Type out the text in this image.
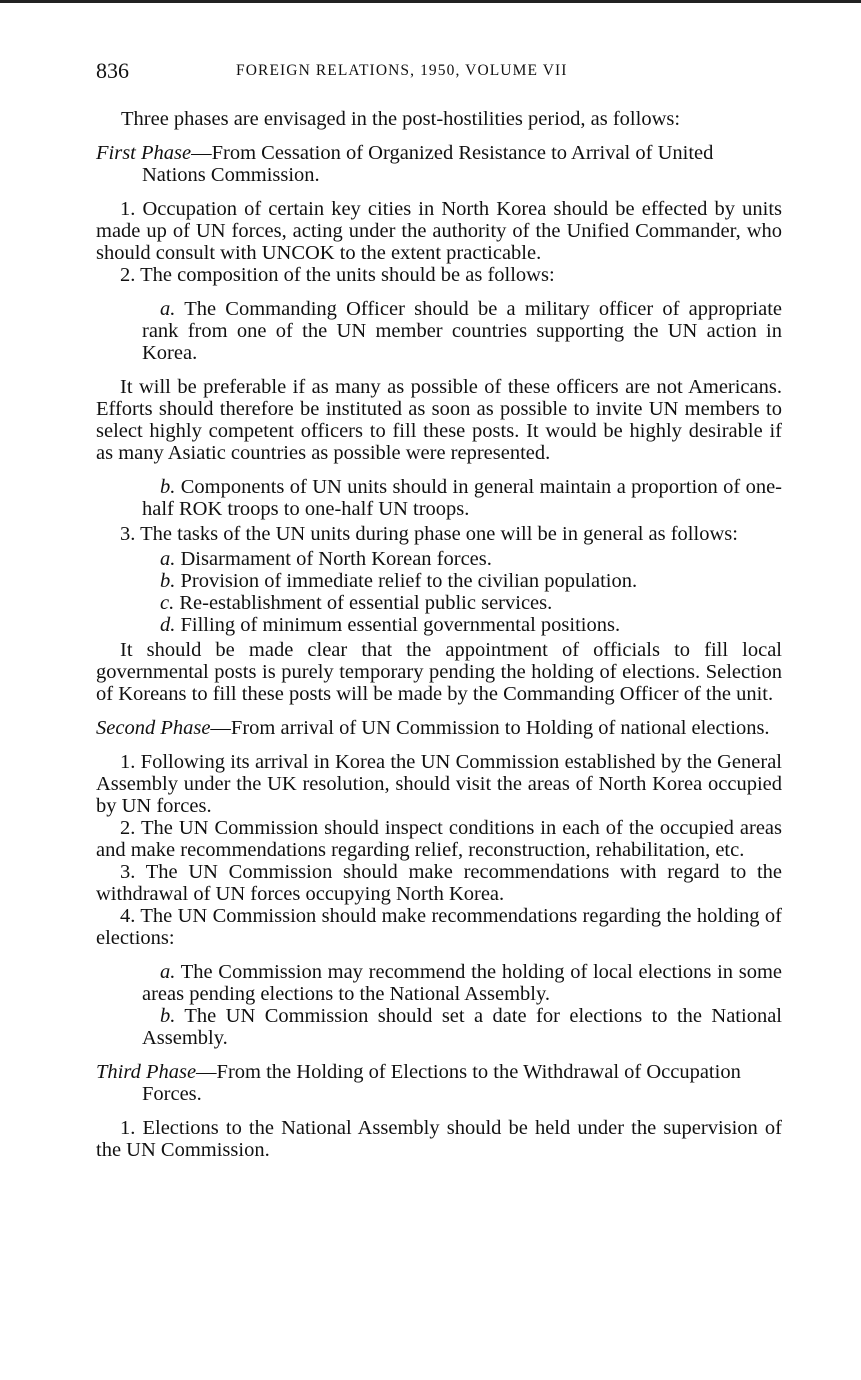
836	FOREIGN RELATIONS, 1950, VOLUME VII

Three phases are envisaged in the post-hostilities period, as follows:

First Phase—From Cessation of Organized Resistance to Arrival of United Nations Commission.

1. Occupation of certain key cities in North Korea should be effected by units made up of UN forces, acting under the authority of the Unified Commander, who should consult with UNCOK to the extent practicable.

2. The composition of the units should be as follows:

a. The Commanding Officer should be a military officer of appropriate rank from one of the UN member countries supporting the UN action in Korea.

It will be preferable if as many as possible of these officers are not Americans. Efforts should therefore be instituted as soon as possible to invite UN members to select highly competent officers to fill these posts. It would be highly desirable if as many Asiatic countries as possible were represented.

b. Components of UN units should in general maintain a proportion of one-half ROK troops to one-half UN troops.

3. The tasks of the UN units during phase one will be in general as follows:

a. Disarmament of North Korean forces.

b. Provision of immediate relief to the civilian population.

c. Re-establishment of essential public services.

d. Filling of minimum essential governmental positions.

It should be made clear that the appointment of officials to fill local governmental posts is purely temporary pending the holding of elections. Selection of Koreans to fill these posts will be made by the Commanding Officer of the unit.

Second Phase—From arrival of UN Commission to Holding of national elections.

1. Following its arrival in Korea the UN Commission established by the General Assembly under the UK resolution, should visit the areas of North Korea occupied by UN forces.

2. The UN Commission should inspect conditions in each of the occupied areas and make recommendations regarding relief, reconstruction, rehabilitation, etc.

3. The UN Commission should make recommendations with regard to the withdrawal of UN forces occupying North Korea.

4. The UN Commission should make recommendations regarding the holding of elections:

a. The Commission may recommend the holding of local elections in some areas pending elections to the National Assembly.

b. The UN Commission should set a date for elections to the National Assembly.

Third Phase—From the Holding of Elections to the Withdrawal of Occupation Forces.

1. Elections to the National Assembly should be held under the supervision of the UN Commission.
